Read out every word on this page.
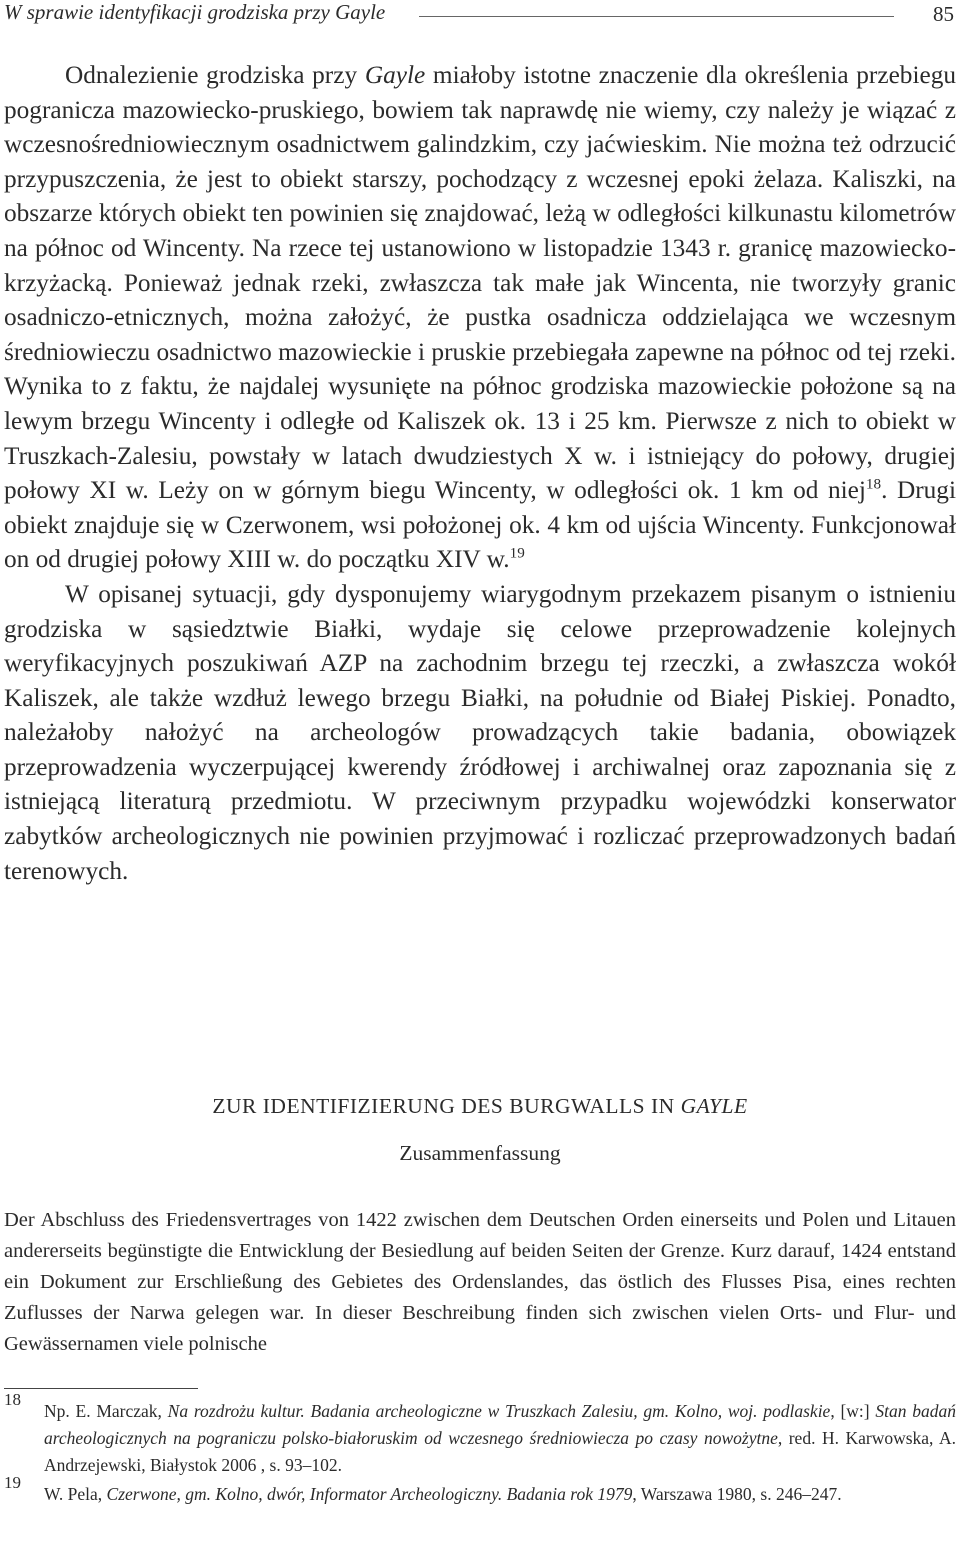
W sprawie identyfikacji grodziska przy Gayle	85

Odnalezienie grodziska przy Gayle miałoby istotne znaczenie dla określenia przebiegu pogranicza mazowiecko-pruskiego, bowiem tak naprawdę nie wiemy, czy należy je wiązać z wczesnośredniowiecznym osadnictwem galindzkim, czy jaćwieskim. Nie można też odrzucić przypuszczenia, że jest to obiekt starszy, pochodzący z wczesnej epoki żelaza. Kaliszki, na obszarze których obiekt ten powinien się znajdować, leżą w odległości kilkunastu kilometrów na północ od Wincenty. Na rzece tej ustanowiono w listopadzie 1343 r. granicę mazowiecko-krzyżacką. Ponieważ jednak rzeki, zwłaszcza tak małe jak Wincenta, nie tworzyły granic osadniczo-etnicznych, można założyć, że pustka osadnicza oddzielająca we wczesnym średniowieczu osadnictwo mazowieckie i pruskie przebiegała zapewne na północ od tej rzeki. Wynika to z faktu, że najdalej wysunięte na północ grodziska mazowieckie położone są na lewym brzegu Wincenty i odległe od Kaliszek ok. 13 i 25 km. Pierwsze z nich to obiekt w Truszkach-Zalesiu, powstały w latach dwudziestych X w. i istniejący do połowy, drugiej połowy XI w. Leży on w górnym biegu Wincenty, w odległości ok. 1 km od niej$^{18}$. Drugi obiekt znajduje się w Czerwonem, wsi położonej ok. 4 km od ujścia Wincenty. Funkcjonował on od drugiej połowy XIII w. do początku XIV w.$^{19}$

W opisanej sytuacji, gdy dysponujemy wiarygodnym przekazem pisanym o istnieniu grodziska w sąsiedztwie Białki, wydaje się celowe przeprowadzenie kolejnych weryfikacyjnych poszukiwań AZP na zachodnim brzegu tej rzeczki, a zwłaszcza wokół Kaliszek, ale także wzdłuż lewego brzegu Białki, na południe od Białej Piskiej. Ponadto, należałoby nałożyć na archeologów prowadzących takie badania, obowiązek przeprowadzenia wyczerpującej kwerendy źródłowej i archiwalnej oraz zapoznania się z istniejącą literaturą przedmiotu. W przeciwnym przypadku wojewódzki konserwator zabytków archeologicznych nie powinien przyjmować i rozliczać przeprowadzonych badań terenowych.

ZUR IDENTIFIZIERUNG DES BURGWALLS IN GAYLE
Zusammenfassung

Der Abschluss des Friedensvertrages von 1422 zwischen dem Deutschen Orden einerseits und Polen und Litauen andererseits begünstigte die Entwicklung der Besiedlung auf beiden Seiten der Grenze. Kurz darauf, 1424 entstand ein Dokument zur Erschließung des Gebietes des Ordenslandes, das östlich des Flusses Pisa, eines rechten Zuflusses der Narwa gelegen war. In dieser Beschreibung finden sich zwischen vielen Orts- und Flur- und Gewässernamen viele polnische

18
Np. E. Marczak, Na rozdrożu kultur. Badania archeologiczne w Truszkach Zalesiu, gm. Kolno, woj. podlaskie, [w:] Stan badań archeologicznych na pograniczu polsko-białoruskim od wczesnego średniowiecza po czasy nowożytne, red. H. Karwowska, A. Andrzejewski, Białystok 2006 , s. 93–102.
19
W. Pela, Czerwone, gm. Kolno, dwór, Informator Archeologiczny. Badania rok 1979, Warszawa 1980, s. 246–247.
